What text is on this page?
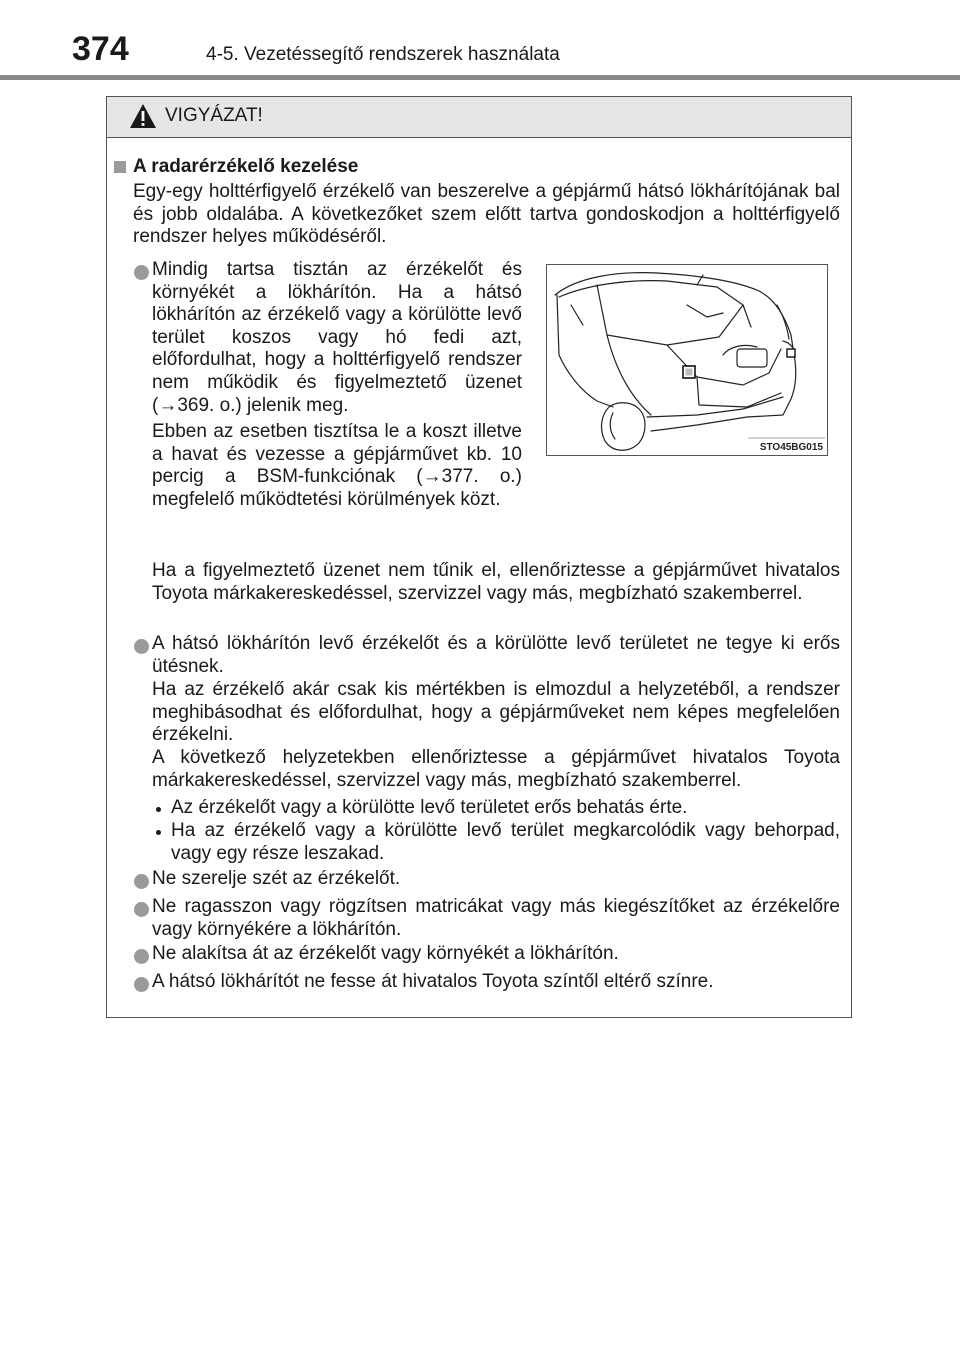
374	4-5. Vezetéssegítő rendszerek használata
VIGYÁZAT!
A radarérzékelő kezelése
Egy-egy holttérfigyelő érzékelő van beszerelve a gépjármű hátsó lökhárítójának bal és jobb oldalába. A következőket szem előtt tartva gondoskodjon a holttérfigyelő rendszer helyes működéséről.
Mindig tartsa tisztán az érzékelőt és környékét a lökhárítón. Ha a hátsó lökhárítón az érzékelő vagy a körülötte levő terület koszos vagy hó fedi azt, előfordulhat, hogy a holttérfigyelő rendszer nem működik és figyelmeztető üzenet (→369. o.) jelenik meg.
Ebben az esetben tisztítsa le a koszt illetve a havat és vezesse a gépjárművet kb. 10 percig a BSM-funkciónak (→377. o.) megfelelő működtetési körülmények közt.
STO45BG015
Ha a figyelmeztető üzenet nem tűnik el, ellenőriztesse a gépjárművet hivatalos Toyota márkakereskedéssel, szervizzel vagy más, megbízható szakemberrel.
A hátsó lökhárítón levő érzékelőt és a körülötte levő területet ne tegye ki erős ütésnek.
Ha az érzékelő akár csak kis mértékben is elmozdul a helyzetéből, a rendszer meghibásodhat és előfordulhat, hogy a gépjárműveket nem képes megfelelően érzékelni.
A következő helyzetekben ellenőriztesse a gépjárművet hivatalos Toyota márkakereskedéssel, szervizzel vagy más, megbízható szakemberrel.
Az érzékelőt vagy a körülötte levő területet erős behatás érte.
Ha az érzékelő vagy a körülötte levő terület megkarcolódik vagy behorpad, vagy egy része leszakad.
Ne szerelje szét az érzékelőt.
Ne ragasszon vagy rögzítsen matricákat vagy más kiegészítőket az érzékelőre vagy környékére a lökhárítón.
Ne alakítsa át az érzékelőt vagy környékét a lökhárítón.
A hátsó lökhárítót ne fesse át hivatalos Toyota színtől eltérő színre.
